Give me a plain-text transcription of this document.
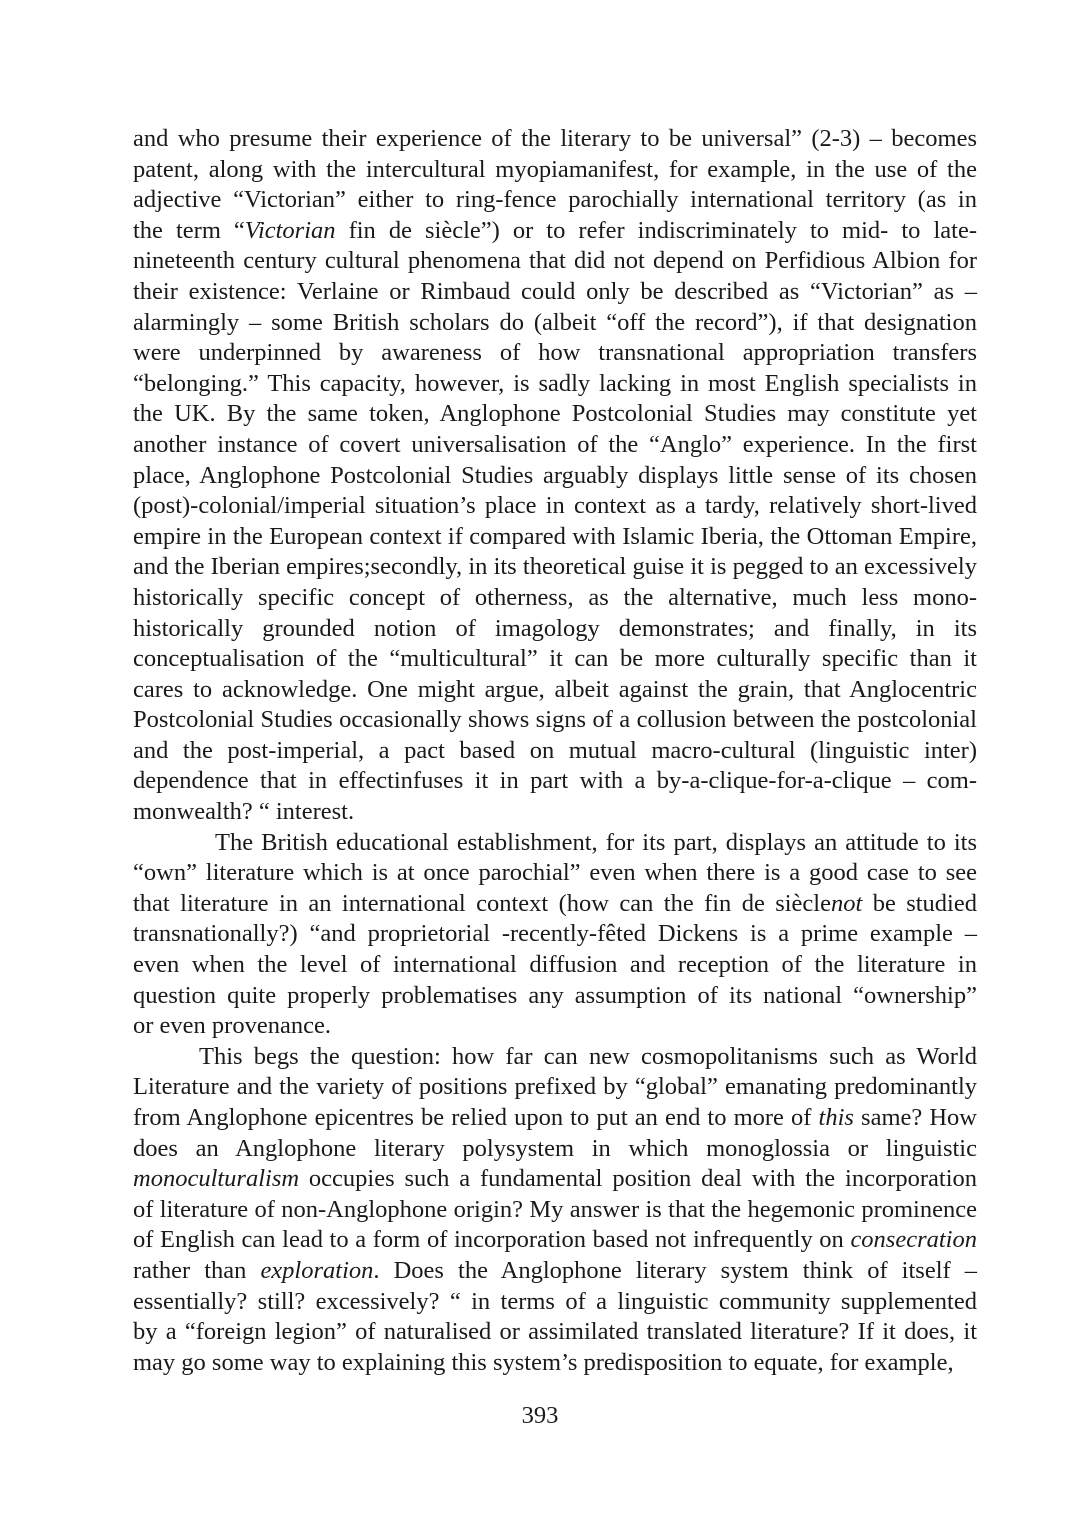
and who presume their experience of the literary to be universal” (2-3) – becomes
patent, along with the intercultural myopiamanifest, for example, in the use of the
adjective “Victorian” either to ring-fence parochially international territory (as in
the term “Victorian fin de siècle”) or to refer indiscriminately to mid- to late-
nineteenth century cultural phenomena that did not depend on Perfidious Albion for
their existence: Verlaine or Rimbaud could only be described as “Victorian” as –
alarmingly – some British scholars do (albeit “off the record”), if that designation
were underpinned by awareness of how transnational appropriation transfers
“belonging.” This capacity, however, is sadly lacking in most English specialists in
the UK. By the same token, Anglophone Postcolonial Studies may constitute yet
another instance of covert universalisation of the “Anglo” experience. In the first
place, Anglophone Postcolonial Studies arguably displays little sense of its chosen
(post)-colonial/imperial situation’s place in context as a tardy, relatively short-lived
empire in the European context if compared with Islamic Iberia, the Ottoman Empire,
and the Iberian empires;secondly, in its theoretical guise it is pegged to an excessively
historically specific concept of otherness, as the alternative, much less mono-
historically grounded notion of imagology demonstrates; and finally, in its
conceptualisation of the “multicultural” it can be more culturally specific than it
cares to acknowledge. One might argue, albeit against the grain, that Anglocentric
Postcolonial Studies occasionally shows signs of a collusion between the postcolonial
and the post-imperial, a pact based on mutual macro-cultural (linguistic inter)
dependence that in effectinfuses it in part with a by-a-clique-for-a-clique – com-
monwealth? “ interest.
The British educational establishment, for its part, displays an attitude to its
“own” literature which is at once parochial” even when there is a good case to see
that literature in an international context (how can the fin de sièclenot be studied
transnationally?) “and proprietorial -recently-fêted Dickens is a prime example –
even when the level of international diffusion and reception of the literature in
question quite properly problematises any assumption of its national “ownership”
or even provenance.
This begs the question: how far can new cosmopolitanisms such as World
Literature and the variety of positions prefixed by “global” emanating predominantly
from Anglophone epicentres be relied upon to put an end to more of this same? How
does an Anglophone literary polysystem in which monoglossia or linguistic
monoculturalism occupies such a fundamental position deal with the incorporation
of literature of non-Anglophone origin? My answer is that the hegemonic prominence
of English can lead to a form of incorporation based not infrequently on consecration
rather than exploration. Does the Anglophone literary system think of itself –
essentially? still? excessively? “ in terms of a linguistic community supplemented
by a “foreign legion” of naturalised or assimilated translated literature? If it does, it
may go some way to explaining this system’s predisposition to equate, for example,
393
